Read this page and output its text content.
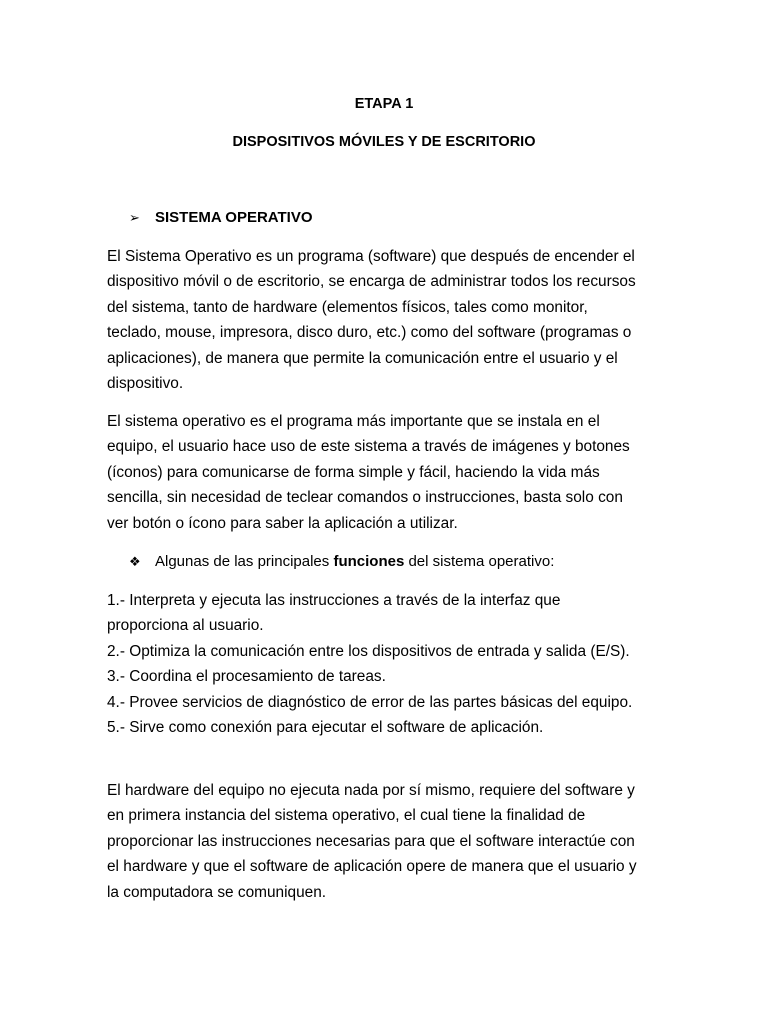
ETAPA 1
DISPOSITIVOS MÓVILES Y DE ESCRITORIO
➢ SISTEMA OPERATIVO
El Sistema Operativo es un programa (software) que después de encender el
dispositivo móvil o de escritorio, se encarga de administrar todos los recursos
del sistema, tanto de hardware (elementos físicos, tales como monitor,
teclado, mouse, impresora, disco duro, etc.) como del software (programas o
aplicaciones), de manera que permite la comunicación entre el usuario y el
dispositivo.
El sistema operativo es el programa más importante que se instala en el
equipo, el usuario hace uso de este sistema a través de imágenes y botones
(íconos) para comunicarse de forma simple y fácil, haciendo la vida más
sencilla, sin necesidad de teclear comandos o instrucciones, basta solo con
ver botón o ícono para saber la aplicación a utilizar.
❖ Algunas de las principales funciones del sistema operativo:
1.- Interpreta y ejecuta las instrucciones a través de la interfaz que
proporciona al usuario.
2.- Optimiza la comunicación entre los dispositivos de entrada y salida (E/S).
3.- Coordina el procesamiento de tareas.
4.- Provee servicios de diagnóstico de error de las partes básicas del equipo.
5.- Sirve como conexión para ejecutar el software de aplicación.
El hardware del equipo no ejecuta nada por sí mismo, requiere del software y
en primera instancia del sistema operativo, el cual tiene la finalidad de
proporcionar las instrucciones necesarias para que el software interactúe con
el hardware y que el software de aplicación opere de manera que el usuario y
la computadora se comuniquen.
